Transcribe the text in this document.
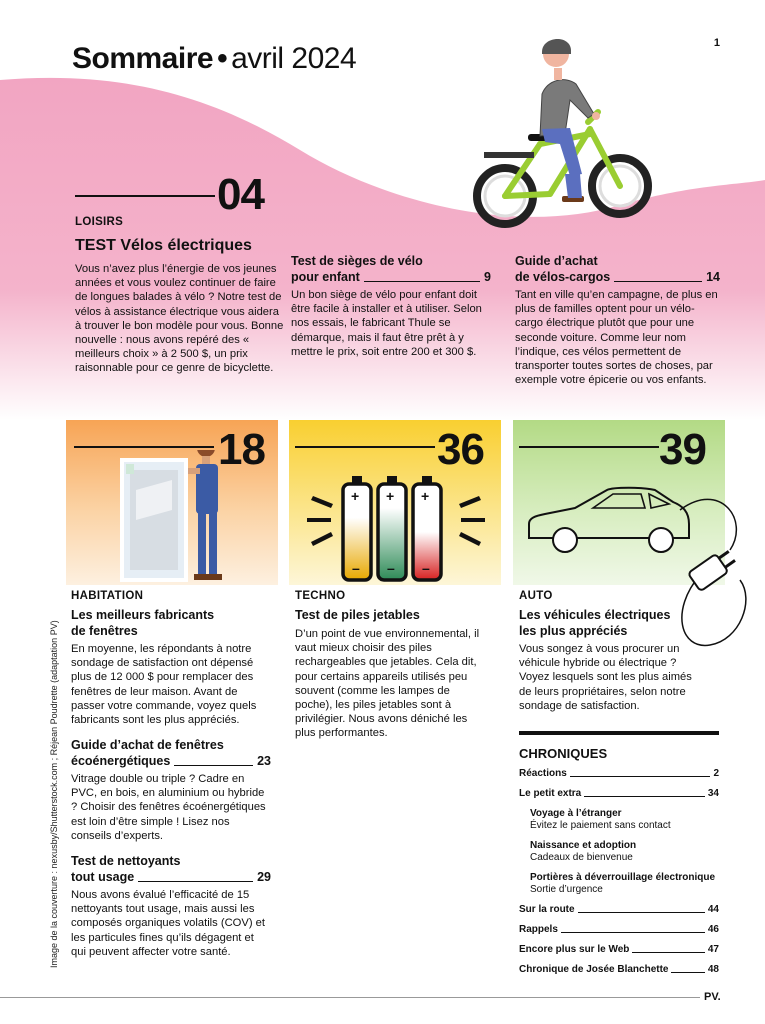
Sommaire • avril 2024	1
04
LOISIRS
TEST Vélos électriques
Vous n’avez plus l’énergie de vos jeunes années et vous voulez continuer de faire de longues balades à vélo ? Notre test de vélos à assistance électrique vous aidera à trouver le bon modèle pour vous. Bonne nouvelle : nous avons repéré des « meilleurs choix » à 2 500 $, un prix raisonnable pour ce genre de bicyclette.
Test de sièges de vélo
pour enfant	9
Un bon siège de vélo pour enfant doit être facile à installer et à utiliser. Selon nos essais, le fabricant Thule se démarque, mais il faut être prêt à y mettre le prix, soit entre 200 et 300 $.
Guide d’achat
de vélos-cargos	14
Tant en ville qu’en campagne, de plus en plus de familles optent pour un vélo-cargo électrique plutôt que pour une seconde voiture. Comme leur nom l’indique, ces vélos permettent de transporter toutes sortes de choses, par exemple votre épicerie ou vos enfants.
18	36
+ + +
– – –
39
HABITATION
Les meilleurs fabricants
de fenêtres
En moyenne, les répondants à notre sondage de satisfaction ont dépensé plus de 12 000 $ pour remplacer des fenêtres de leur maison. Avant de passer votre commande, voyez quels fabricants sont les plus appréciés.
Guide d’achat de fenêtres
écoénergétiques	23
Vitrage double ou triple ? Cadre en PVC, en bois, en aluminium ou hybride ? Choisir des fenêtres écoénergétiques est loin d’être simple ! Lisez nos conseils d’experts.
Test de nettoyants
tout usage	29
Nous avons évalué l’efficacité de 15 nettoyants tout usage, mais aussi les composés organiques volatils (COV) et les particules fines qu’ils dégagent et qui peuvent affecter votre santé.
TECHNO
Test de piles jetables
D’un point de vue environnemental, il vaut mieux choisir des piles rechargeables que jetables. Cela dit, pour certains appareils utilisés peu souvent (comme les lampes de poche), les piles jetables sont à privilégier. Nous avons déniché les plus performantes.
AUTO
Les véhicules électriques
les plus appréciés
Vous songez à vous procurer un véhicule hybride ou électrique ? Voyez lesquels sont les plus aimés de leurs propriétaires, selon notre sondage de satisfaction.
CHRONIQUES
Réactions	2
Le petit extra	34
Voyage à l’étranger
Évitez le paiement sans contact
Naissance et adoption
Cadeaux de bienvenue
Portières à déverrouillage électronique
Sortie d’urgence
Sur la route	44
Rappels	46
Encore plus sur le Web	47
Chronique de Josée Blanchette	48
Image de la couverture : nexusby/Shutterstock.com ; Réjean Poudrette (adaptation PV)
PV.
